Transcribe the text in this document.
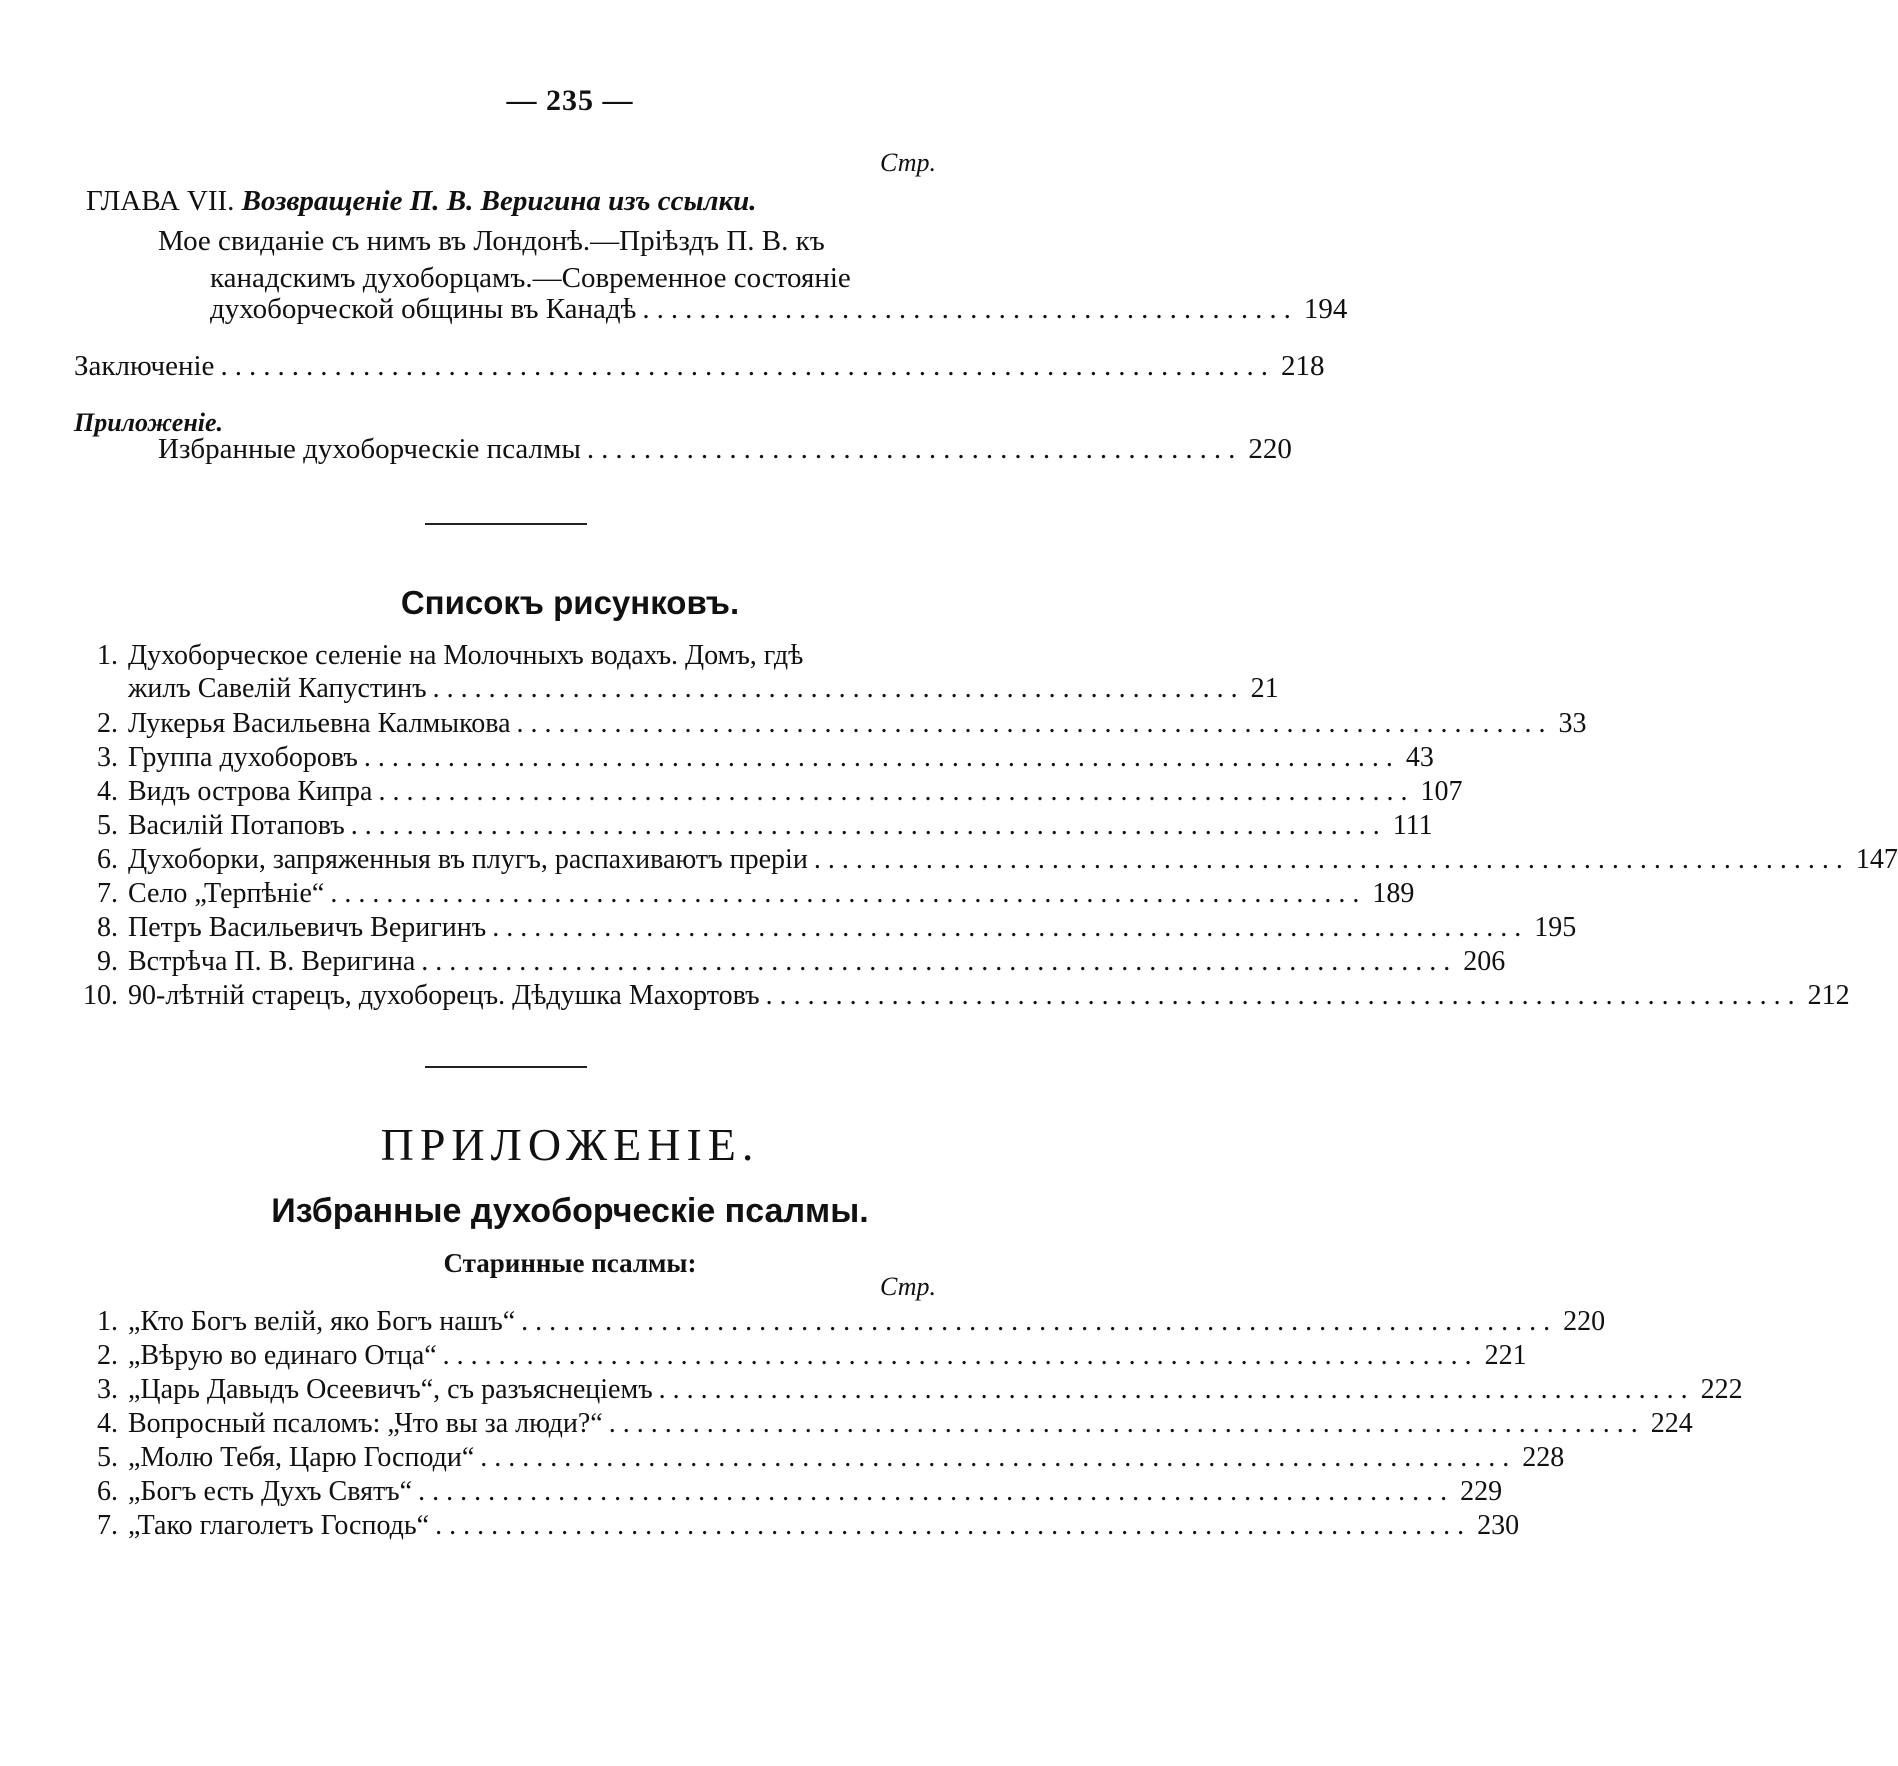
— 235 —
Стр.
ГЛАВА VII. Возвращеніе П. В. Веригина изъ ссылки.
Мое свиданіе съ нимъ въ Лондонѣ.—Пріѣздъ П. В. къ
канадскимъ духоборцамъ.—Современное состояніе
духоборческой общины въ Канадѣ .............................................. 194
Заключеніе .......................................................................... 218
Приложеніе.
Избранные духоборческіе псалмы .............................................. 220
Списокъ рисунковъ.
1. Духоборческое селеніе на Молочныхъ водахъ. Домъ, гдѣ
жилъ Савелій Капустинъ .......................................................... 21
2. Лукерья Васильевна Калмыкова .......................................................................... 33
3. Группа духоборовъ .......................................................................... 43
4. Видъ острова Кипра .......................................................................... 107
5. Василій Потаповъ .......................................................................... 111
6. Духоборки, запряженныя въ плугъ, распахиваютъ преріи .......................................................................... 147
7. Село „Терпѣніе“ .......................................................................... 189
8. Петръ Васильевичъ Веригинъ .......................................................................... 195
9. Встрѣча П. В. Веригина .......................................................................... 206
10. 90-лѣтній старецъ, духоборецъ. Дѣдушка Махортовъ .......................................................................... 212
ПРИЛОЖЕНІЕ.
Избранные духоборческіе псалмы.
Старинные псалмы:
Стр.
1. „Кто Богъ велій, яко Богъ нашъ“ .......................................................................... 220
2. „Вѣрую во единаго Отца“ .......................................................................... 221
3. „Царь Давыдъ Осеевичъ“, съ разъяснеціемъ .......................................................................... 222
4. Вопросный псаломъ: „Что вы за люди?“ .......................................................................... 224
5. „Молю Тебя, Царю Господи“ .......................................................................... 228
6. „Богъ есть Духъ Святъ“ .......................................................................... 229
7. „Тако глаголетъ Господь“ .......................................................................... 230
